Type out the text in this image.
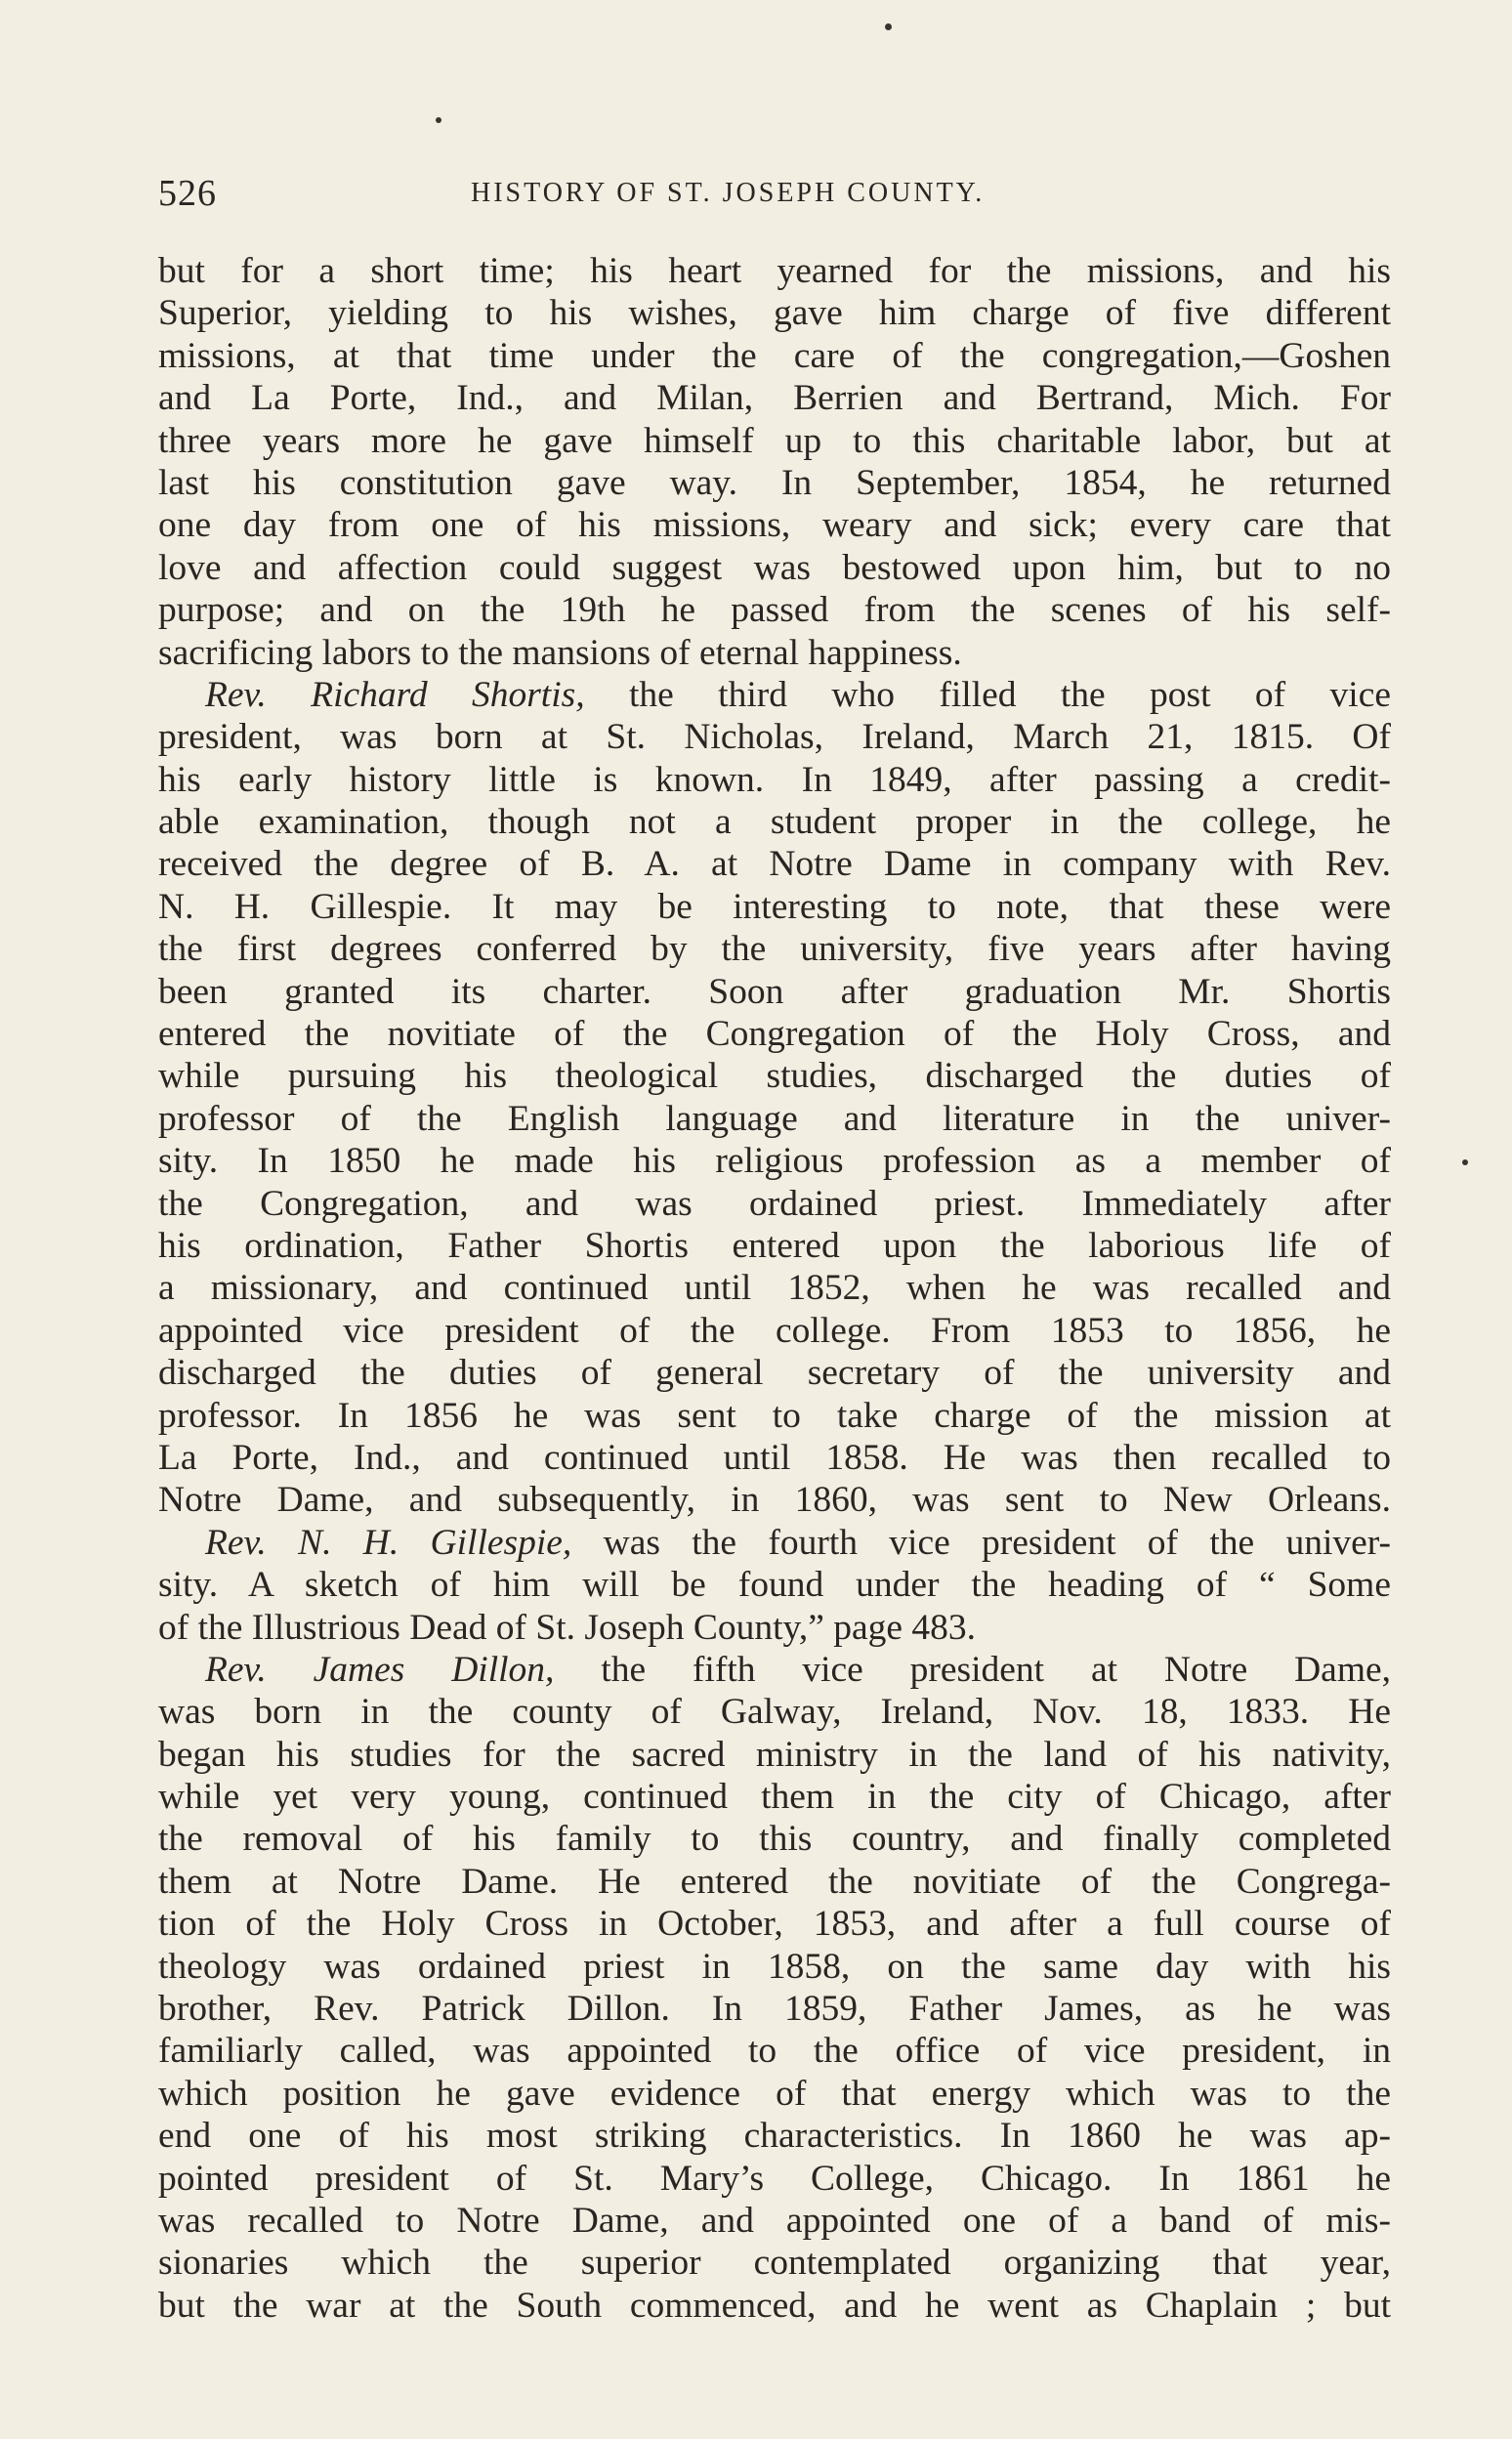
526	HISTORY OF ST. JOSEPH COUNTY.
but for a short time; his heart yearned for the missions, and his
Superior, yielding to his wishes, gave him charge of five different
missions, at that time under the care of the congregation,—Goshen
and La Porte, Ind., and Milan, Berrien and Bertrand, Mich. For
three years more he gave himself up to this charitable labor, but at
last his constitution gave way. In September, 1854, he returned
one day from one of his missions, weary and sick; every care that
love and affection could suggest was bestowed upon him, but to no
purpose; and on the 19th he passed from the scenes of his self-
sacrificing labors to the mansions of eternal happiness.
Rev. Richard Shortis, the third who filled the post of vice
president, was born at St. Nicholas, Ireland, March 21, 1815. Of
his early history little is known. In 1849, after passing a credit-
able examination, though not a student proper in the college, he
received the degree of B. A. at Notre Dame in company with Rev.
N. H. Gillespie. It may be interesting to note, that these were
the first degrees conferred by the university, five years after having
been granted its charter. Soon after graduation Mr. Shortis
entered the novitiate of the Congregation of the Holy Cross, and
while pursuing his theological studies, discharged the duties of
professor of the English language and literature in the univer-
sity. In 1850 he made his religious profession as a member of
the Congregation, and was ordained priest. Immediately after
his ordination, Father Shortis entered upon the laborious life of
a missionary, and continued until 1852, when he was recalled and
appointed vice president of the college. From 1853 to 1856, he
discharged the duties of general secretary of the university and
professor. In 1856 he was sent to take charge of the mission at
La Porte, Ind., and continued until 1858. He was then recalled to
Notre Dame, and subsequently, in 1860, was sent to New Orleans.
Rev. N. H. Gillespie, was the fourth vice president of the univer-
sity. A sketch of him will be found under the heading of “ Some
of the Illustrious Dead of St. Joseph County,” page 483.
Rev. James Dillon, the fifth vice president at Notre Dame,
was born in the county of Galway, Ireland, Nov. 18, 1833. He
began his studies for the sacred ministry in the land of his nativity,
while yet very young, continued them in the city of Chicago, after
the removal of his family to this country, and finally completed
them at Notre Dame. He entered the novitiate of the Congrega-
tion of the Holy Cross in October, 1853, and after a full course of
theology was ordained priest in 1858, on the same day with his
brother, Rev. Patrick Dillon. In 1859, Father James, as he was
familiarly called, was appointed to the office of vice president, in
which position he gave evidence of that energy which was to the
end one of his most striking characteristics. In 1860 he was ap-
pointed president of St. Mary’s College, Chicago. In 1861 he
was recalled to Notre Dame, and appointed one of a band of mis-
sionaries which the superior contemplated organizing that year,
but the war at the South commenced, and he went as Chaplain ; but
